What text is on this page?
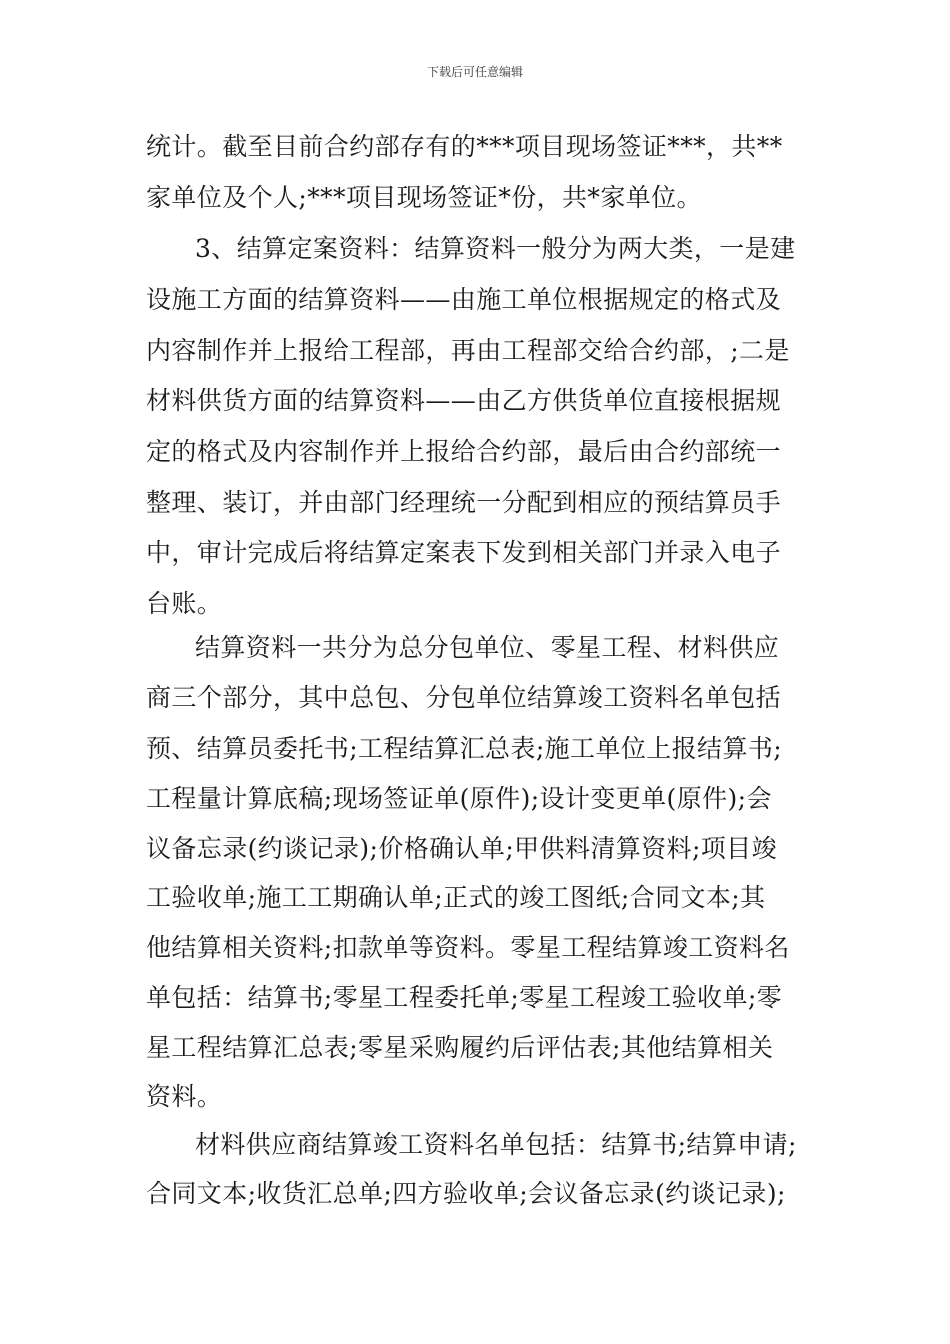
下载后可任意编辑
统计。截至目前合约部存有的***项目现场签证***，共**
家单位及个人;***项目现场签证*份，共*家单位。
3、结算定案资料：结算资料一般分为两大类，一是建
设施工方面的结算资料——由施工单位根据规定的格式及
内容制作并上报给工程部，再由工程部交给合约部，;二是
材料供货方面的结算资料——由乙方供货单位直接根据规
定的格式及内容制作并上报给合约部，最后由合约部统一
整理、装订，并由部门经理统一分配到相应的预结算员手
中，审计完成后将结算定案表下发到相关部门并录入电子
台账。
结算资料一共分为总分包单位、零星工程、材料供应
商三个部分，其中总包、分包单位结算竣工资料名单包括
预、结算员委托书;工程结算汇总表;施工单位上报结算书;
工程量计算底稿;现场签证单(原件);设计变更单(原件);会
议备忘录(约谈记录);价格确认单;甲供料清算资料;项目竣
工验收单;施工工期确认单;正式的竣工图纸;合同文本;其
他结算相关资料;扣款单等资料。零星工程结算竣工资料名
单包括：结算书;零星工程委托单;零星工程竣工验收单;零
星工程结算汇总表;零星采购履约后评估表;其他结算相关
资料。
材料供应商结算竣工资料名单包括：结算书;结算申请;
合同文本;收货汇总单;四方验收单;会议备忘录(约谈记录);
